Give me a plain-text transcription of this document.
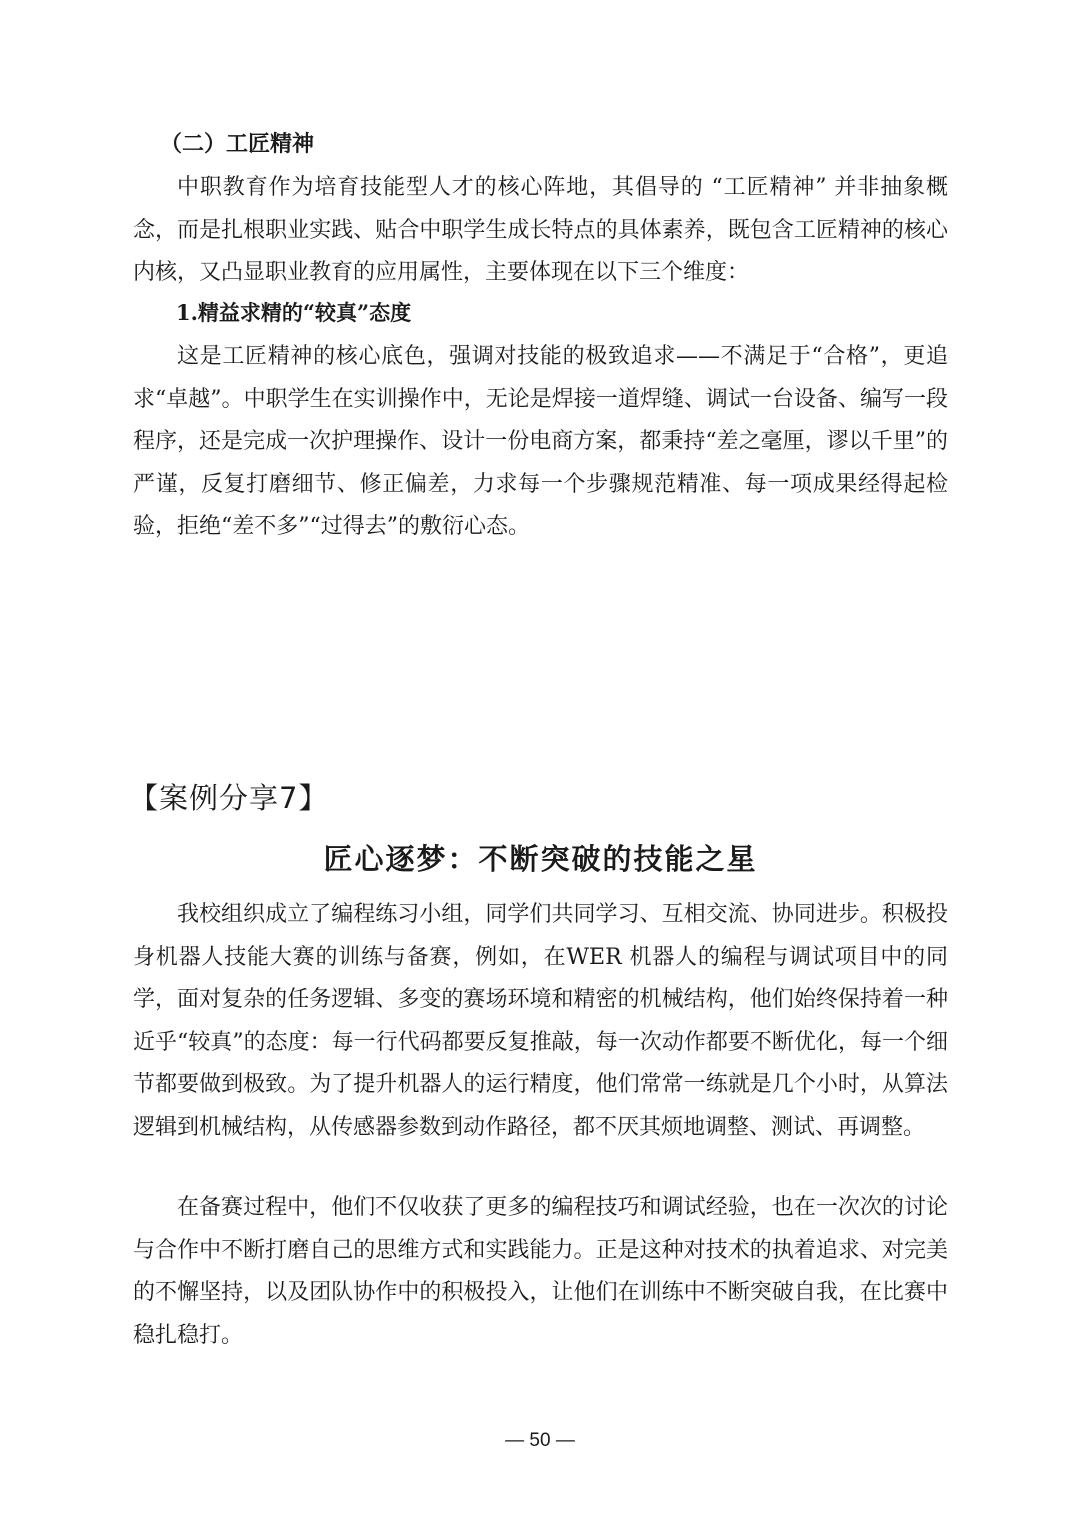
（二）工匠精神

中职教育作为培育技能型人才的核心阵地，其倡导的 “工匠精神” 并非抽象概念，而是扎根职业实践、贴合中职学生成长特点的具体素养，既包含工匠精神的核心内核，又凸显职业教育的应用属性，主要体现在以下三个维度：

1.精益求精的“较真”态度

这是工匠精神的核心底色，强调对技能的极致追求——不满足于“合格”，更追求“卓越”。中职学生在实训操作中，无论是焊接一道焊缝、调试一台设备、编写一段程序，还是完成一次护理操作、设计一份电商方案，都秉持“差之毫厘，谬以千里”的严谨，反复打磨细节、修正偏差，力求每一个步骤规范精准、每一项成果经得起检验，拒绝“差不多”“过得去”的敷衍心态。

【案例分享7】

匠心逐梦：不断突破的技能之星

我校组织成立了编程练习小组，同学们共同学习、互相交流、协同进步。积极投身机器人技能大赛的训练与备赛，例如，在WER 机器人的编程与调试项目中的同学，面对复杂的任务逻辑、多变的赛场环境和精密的机械结构，他们始终保持着一种近乎“较真”的态度：每一行代码都要反复推敲，每一次动作都要不断优化，每一个细节都要做到极致。为了提升机器人的运行精度，他们常常一练就是几个小时，从算法逻辑到机械结构，从传感器参数到动作路径，都不厌其烦地调整、测试、再调整。

在备赛过程中，他们不仅收获了更多的编程技巧和调试经验，也在一次次的讨论与合作中不断打磨自己的思维方式和实践能力。正是这种对技术的执着追求、对完美的不懈坚持，以及团队协作中的积极投入，让他们在训练中不断突破自我，在比赛中稳扎稳打。

— 50 —
